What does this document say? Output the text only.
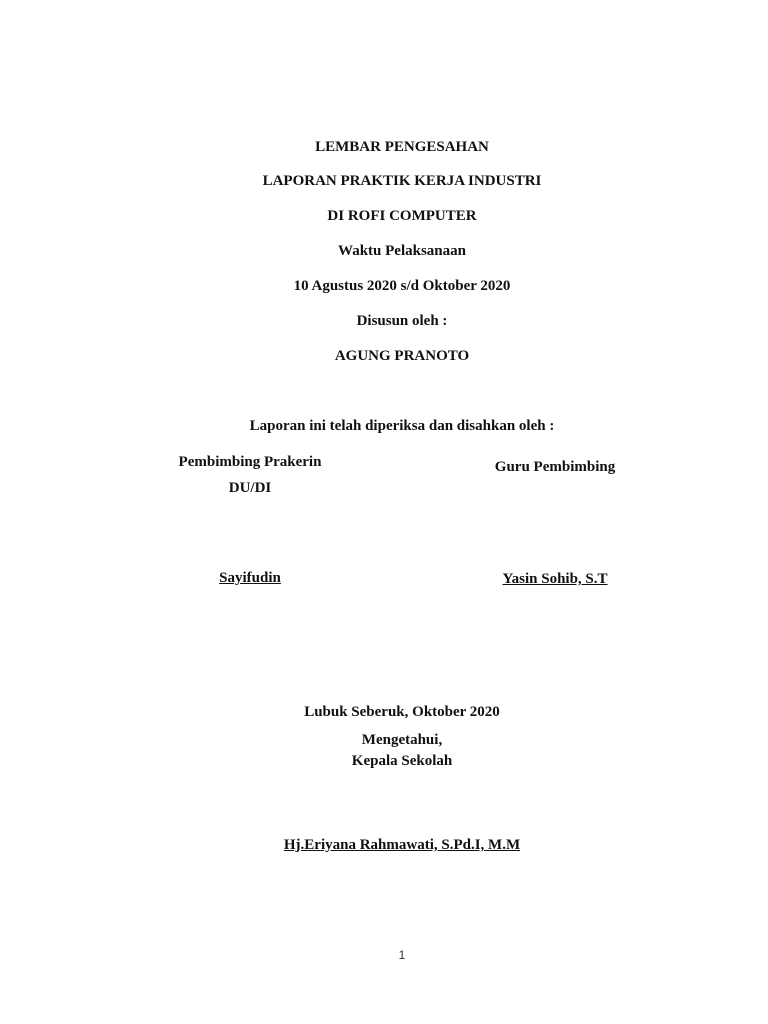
LEMBAR PENGESAHAN
LAPORAN PRAKTIK KERJA INDUSTRI
DI ROFI COMPUTER
Waktu Pelaksanaan
10 Agustus 2020 s/d Oktober 2020
Disusun oleh :
AGUNG PRANOTO
Laporan ini telah diperiksa dan disahkan oleh :
Pembimbing Prakerin
DU/DI
Sayifudin
Guru Pembimbing
Yasin Sohib, S.T
Lubuk Seberuk, Oktober 2020
Mengetahui,
Kepala Sekolah
Hj.Eriyana Rahmawati, S.Pd.I, M.M
1
